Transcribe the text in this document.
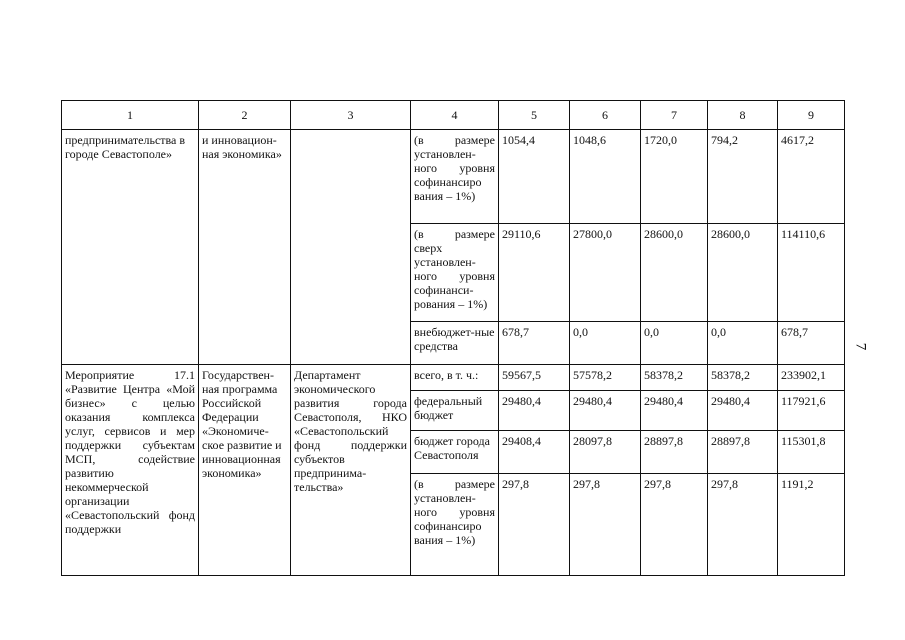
1	2	3	4	5	6	7	8	9
предпринимательства в городе Севастополе»	и инновацион-ная экономика»		(в размере установлен-ного уровня софинансиро вания – 1%)	1054,4	1048,6	1720,0	794,2	4617,2
			(в размере сверх установлен-ного уровня софинанси-рования – 1%)	29110,6	27800,0	28600,0	28600,0	114110,6
			внебюджет-ные средства	678,7	0,0	0,0	0,0	678,7
Мероприятие 17.1 «Развитие Центра «Мой бизнес» с целью оказания комплекса услуг, сервисов и мер поддержки субъектам МСП, содействие развитию некоммерческой организации «Севастопольский фонд поддержки	Государствен-ная программа Российской Федерации «Экономиче-ское развитие и инновационная экономика»	Департамент экономического развития города Севастополя, НКО «Севастопольский фонд поддержки субъектов предпринима-тельства»	всего, в т. ч.:	59567,5	57578,2	58378,2	58378,2	233902,1
			федеральный бюджет	29480,4	29480,4	29480,4	29480,4	117921,6
			бюджет города Севастополя	29408,4	28097,8	28897,8	28897,8	115301,8
			(в размере установлен-ного уровня софинансиро вания – 1%)	297,8	297,8	297,8	297,8	1191,2
7
